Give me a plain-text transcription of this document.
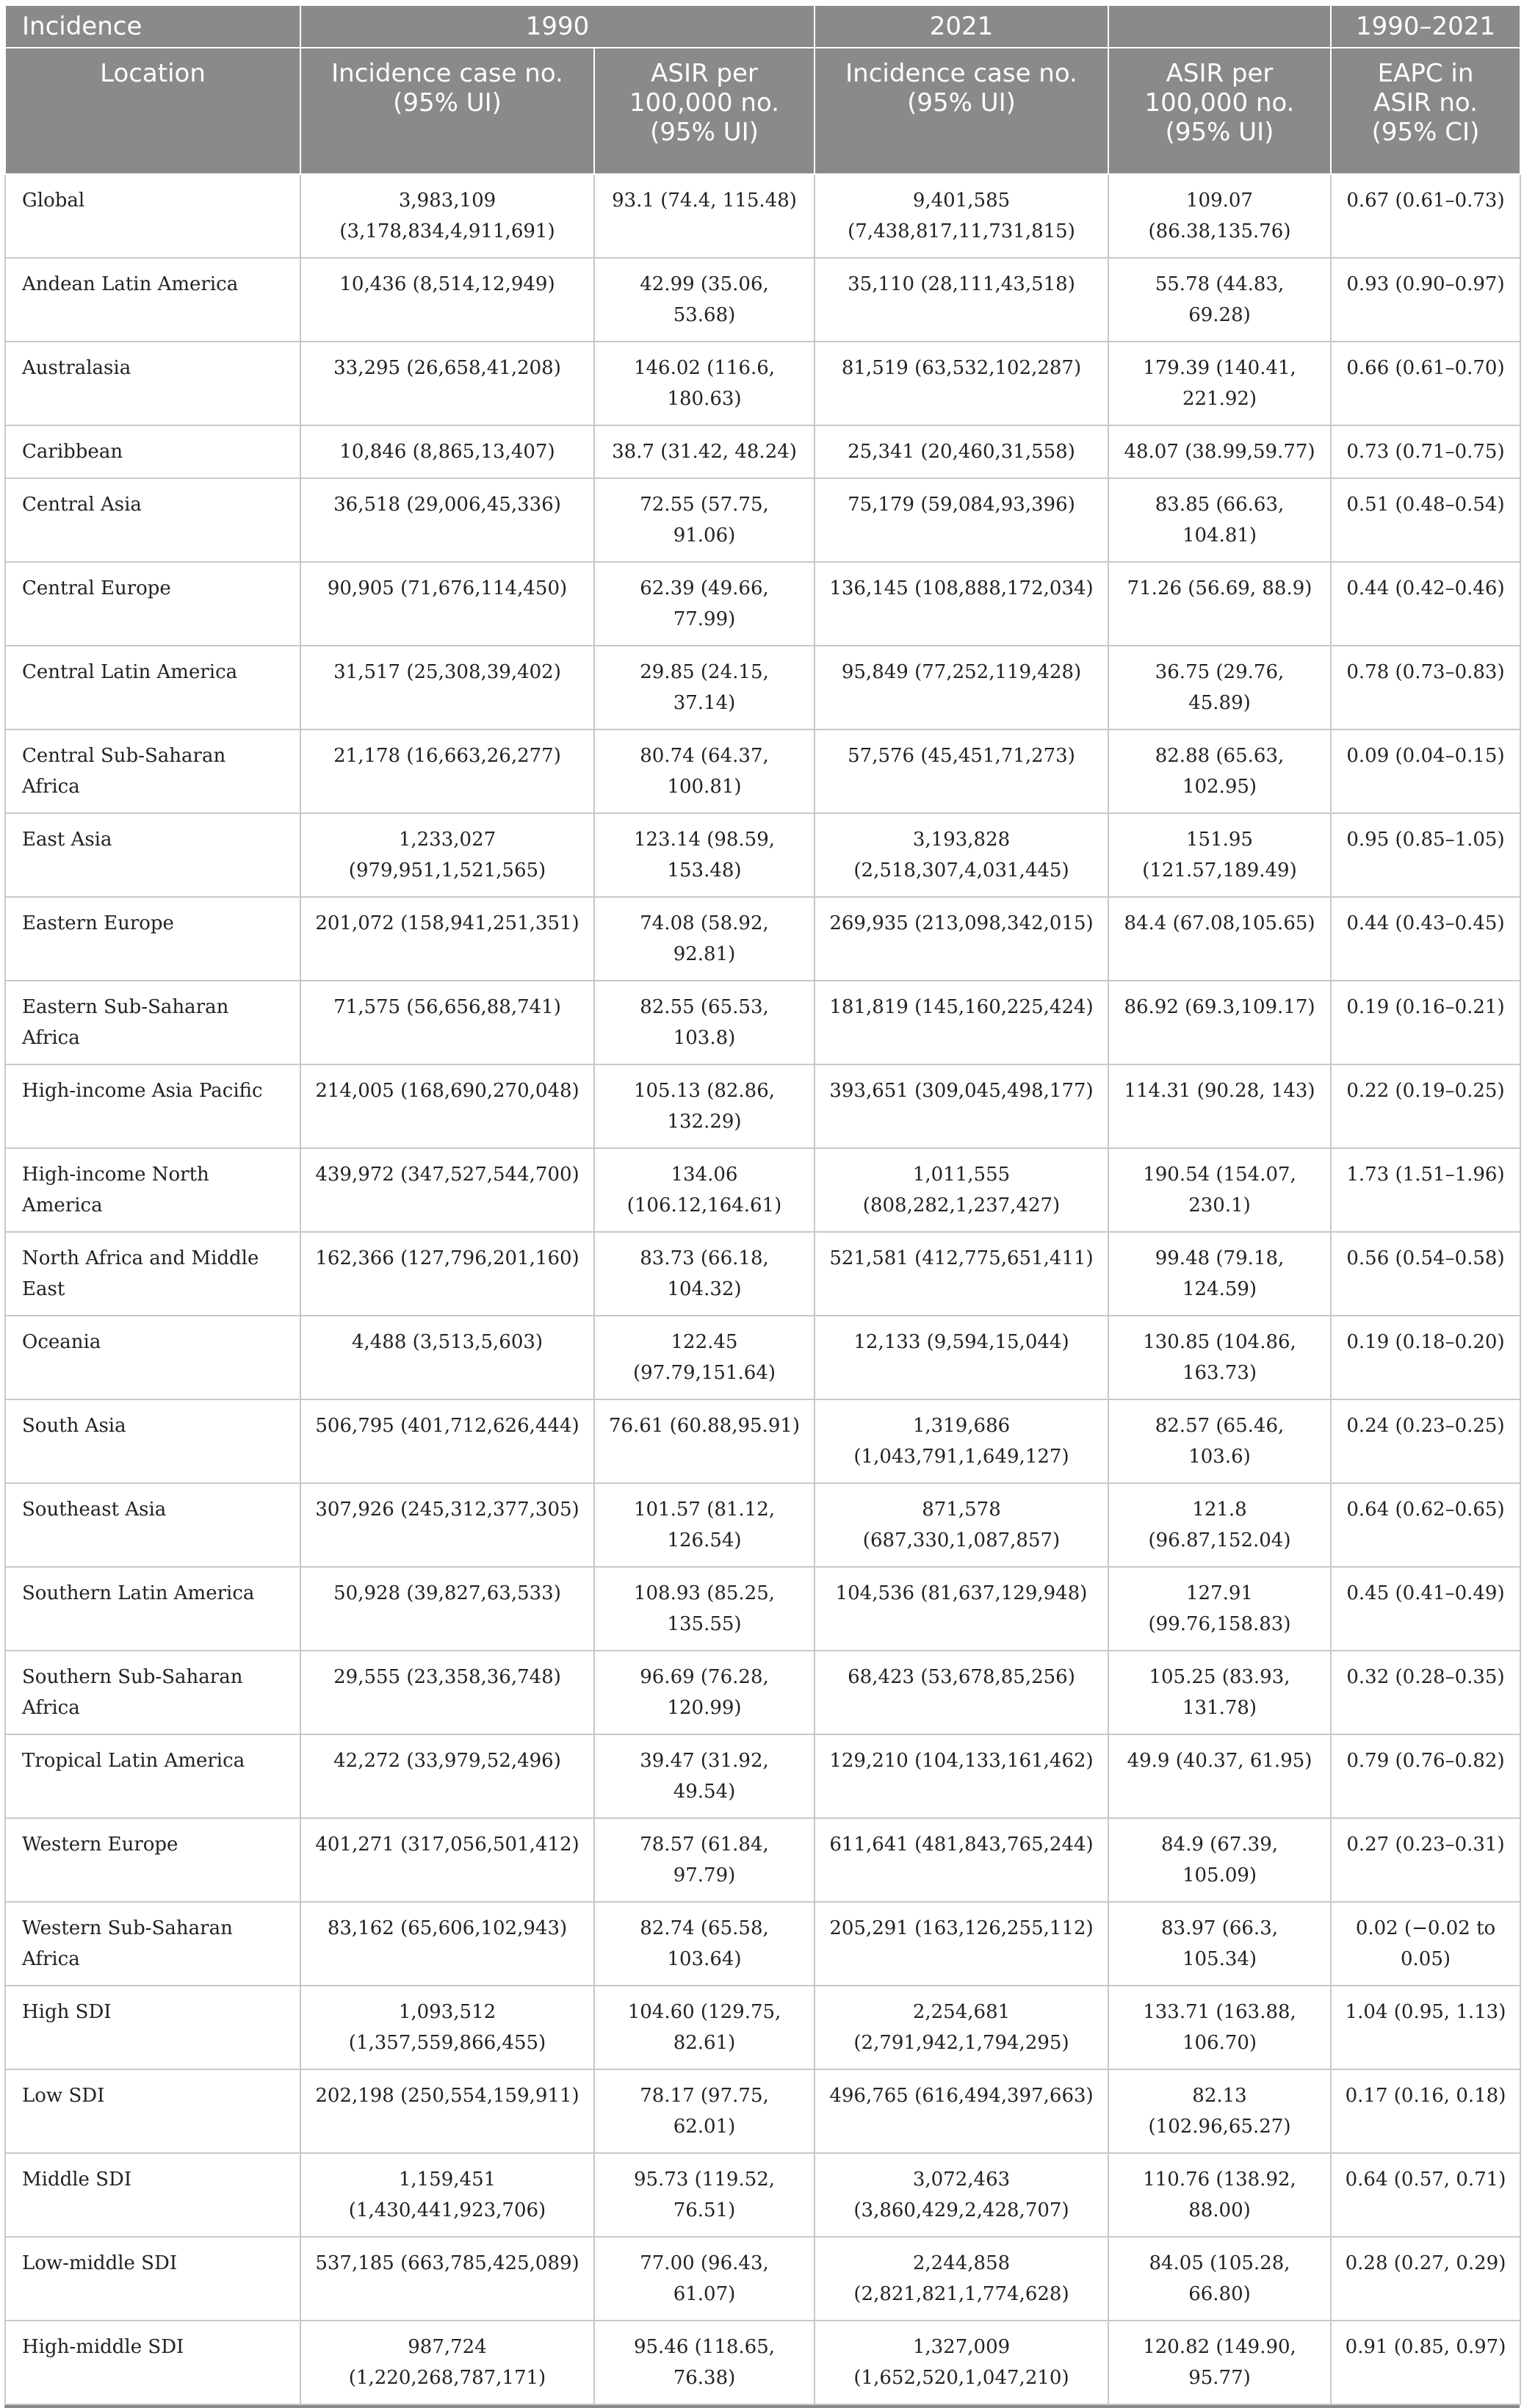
Incidence	1990		2021		1990–2021
Location	Incidence case no. (95% UI)	ASIR per 100,000 no. (95% UI)	Incidence case no. (95% UI)	ASIR per 100,000 no. (95% UI)	EAPC in ASIR no. (95% CI)
Global	3,983,109 (3,178,834,4,911,691)	93.1 (74.4, 115.48)	9,401,585 (7,438,817,11,731,815)	109.07 (86.38,135.76)	0.67 (0.61–0.73)
Andean Latin America	10,436 (8,514,12,949)	42.99 (35.06, 53.68)	35,110 (28,111,43,518)	55.78 (44.83, 69.28)	0.93 (0.90–0.97)
Australasia	33,295 (26,658,41,208)	146.02 (116.6, 180.63)	81,519 (63,532,102,287)	179.39 (140.41, 221.92)	0.66 (0.61–0.70)
Caribbean	10,846 (8,865,13,407)	38.7 (31.42, 48.24)	25,341 (20,460,31,558)	48.07 (38.99,59.77)	0.73 (0.71–0.75)
Central Asia	36,518 (29,006,45,336)	72.55 (57.75, 91.06)	75,179 (59,084,93,396)	83.85 (66.63, 104.81)	0.51 (0.48–0.54)
Central Europe	90,905 (71,676,114,450)	62.39 (49.66, 77.99)	136,145 (108,888,172,034)	71.26 (56.69, 88.9)	0.44 (0.42–0.46)
Central Latin America	31,517 (25,308,39,402)	29.85 (24.15, 37.14)	95,849 (77,252,119,428)	36.75 (29.76, 45.89)	0.78 (0.73–0.83)
Central Sub-Saharan Africa	21,178 (16,663,26,277)	80.74 (64.37, 100.81)	57,576 (45,451,71,273)	82.88 (65.63, 102.95)	0.09 (0.04–0.15)
East Asia	1,233,027 (979,951,1,521,565)	123.14 (98.59, 153.48)	3,193,828 (2,518,307,4,031,445)	151.95 (121.57,189.49)	0.95 (0.85–1.05)
Eastern Europe	201,072 (158,941,251,351)	74.08 (58.92, 92.81)	269,935 (213,098,342,015)	84.4 (67.08,105.65)	0.44 (0.43–0.45)
Eastern Sub-Saharan Africa	71,575 (56,656,88,741)	82.55 (65.53, 103.8)	181,819 (145,160,225,424)	86.92 (69.3,109.17)	0.19 (0.16–0.21)
High-income Asia Pacific	214,005 (168,690,270,048)	105.13 (82.86, 132.29)	393,651 (309,045,498,177)	114.31 (90.28, 143)	0.22 (0.19–0.25)
High-income North America	439,972 (347,527,544,700)	134.06 (106.12,164.61)	1,011,555 (808,282,1,237,427)	190.54 (154.07, 230.1)	1.73 (1.51–1.96)
North Africa and Middle East	162,366 (127,796,201,160)	83.73 (66.18, 104.32)	521,581 (412,775,651,411)	99.48 (79.18, 124.59)	0.56 (0.54–0.58)
Oceania	4,488 (3,513,5,603)	122.45 (97.79,151.64)	12,133 (9,594,15,044)	130.85 (104.86, 163.73)	0.19 (0.18–0.20)
South Asia	506,795 (401,712,626,444)	76.61 (60.88,95.91)	1,319,686 (1,043,791,1,649,127)	82.57 (65.46, 103.6)	0.24 (0.23–0.25)
Southeast Asia	307,926 (245,312,377,305)	101.57 (81.12, 126.54)	871,578 (687,330,1,087,857)	121.8 (96.87,152.04)	0.64 (0.62–0.65)
Southern Latin America	50,928 (39,827,63,533)	108.93 (85.25, 135.55)	104,536 (81,637,129,948)	127.91 (99.76,158.83)	0.45 (0.41–0.49)
Southern Sub-Saharan Africa	29,555 (23,358,36,748)	96.69 (76.28, 120.99)	68,423 (53,678,85,256)	105.25 (83.93, 131.78)	0.32 (0.28–0.35)
Tropical Latin America	42,272 (33,979,52,496)	39.47 (31.92, 49.54)	129,210 (104,133,161,462)	49.9 (40.37, 61.95)	0.79 (0.76–0.82)
Western Europe	401,271 (317,056,501,412)	78.57 (61.84, 97.79)	611,641 (481,843,765,244)	84.9 (67.39, 105.09)	0.27 (0.23–0.31)
Western Sub-Saharan Africa	83,162 (65,606,102,943)	82.74 (65.58, 103.64)	205,291 (163,126,255,112)	83.97 (66.3, 105.34)	0.02 (−0.02 to 0.05)
High SDI	1,093,512 (1,357,559,866,455)	104.60 (129.75, 82.61)	2,254,681 (2,791,942,1,794,295)	133.71 (163.88, 106.70)	1.04 (0.95, 1.13)
Low SDI	202,198 (250,554,159,911)	78.17 (97.75, 62.01)	496,765 (616,494,397,663)	82.13 (102.96,65.27)	0.17 (0.16, 0.18)
Middle SDI	1,159,451 (1,430,441,923,706)	95.73 (119.52, 76.51)	3,072,463 (3,860,429,2,428,707)	110.76 (138.92, 88.00)	0.64 (0.57, 0.71)
Low-middle SDI	537,185 (663,785,425,089)	77.00 (96.43, 61.07)	2,244,858 (2,821,821,1,774,628)	84.05 (105.28, 66.80)	0.28 (0.27, 0.29)
High-middle SDI	987,724 (1,220,268,787,171)	95.46 (118.65, 76.38)	1,327,009 (1,652,520,1,047,210)	120.82 (149.90, 95.77)	0.91 (0.85, 0.97)
